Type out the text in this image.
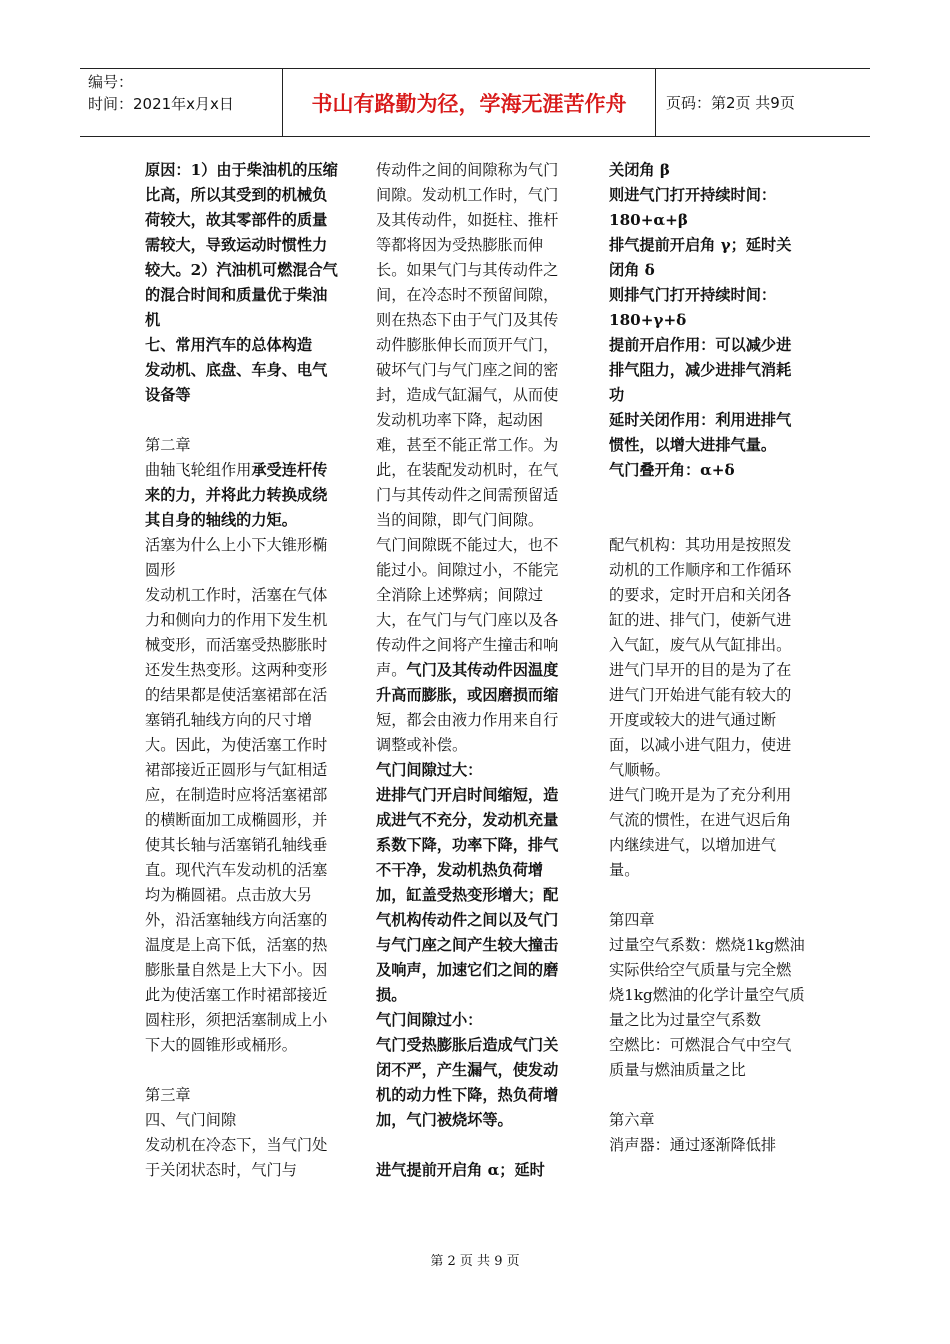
编号：
时间：2021年x月x日	书山有路勤为径，学海无涯苦作舟	页码：第2页 共9页

原因：1）由于柴油机的压缩比高，所以其受到的机械负荷较大，故其零部件的质量需较大，导致运动时惯性力较大。2）汽油机可燃混合气的混合时间和质量优于柴油机

七、常用汽车的总体构造

发动机、底盘、车身、电气设备等

第二章

曲轴飞轮组作用承受连杆传来的力，并将此力转换成绕其自身的轴线的力矩。

活塞为什么上小下大锥形椭圆形

发动机工作时，活塞在气体力和侧向力的作用下发生机械变形，而活塞受热膨胀时还发生热变形。这两种变形的结果都是使活塞裙部在活塞销孔轴线方向的尺寸增大。因此，为使活塞工作时裙部接近正圆形与气缸相适应，在制造时应将活塞裙部的横断面加工成椭圆形，并使其长轴与活塞销孔轴线垂直。现代汽车发动机的活塞均为椭圆裙。点击放大另外，沿活塞轴线方向活塞的温度是上高下低，活塞的热膨胀量自然是上大下小。因此为使活塞工作时裙部接近圆柱形，须把活塞制成上小下大的圆锥形或桶形。

第三章

四、气门间隙

发动机在冷态下，当气门处于关闭状态时，气门与

传动件之间的间隙称为气门间隙。发动机工作时，气门及其传动件，如挺柱、推杆等都将因为受热膨胀而伸长。如果气门与其传动件之间，在冷态时不预留间隙，则在热态下由于气门及其传动件膨胀伸长而顶开气门，破坏气门与气门座之间的密封，造成气缸漏气，从而使发动机功率下降，起动困难，甚至不能正常工作。为此，在装配发动机时，在气门与其传动件之间需预留适当的间隙，即气门间隙。

气门间隙既不能过大，也不能过小。间隙过小，不能完全消除上述弊病；间隙过大，在气门与气门座以及各传动件之间将产生撞击和响声。气门及其传动件因温度升高而膨胀，或因磨损而缩短，都会由液力作用来自行调整或补偿。

气门间隙过大：

进排气门开启时间缩短，造成进气不充分，发动机充量系数下降，功率下降，排气不干净，发动机热负荷增加，缸盖受热变形增大；配气机构传动件之间以及气门与气门座之间产生较大撞击及响声，加速它们之间的磨损。

气门间隙过小：

气门受热膨胀后造成气门关闭不严，产生漏气，使发动机的动力性下降，热负荷增加，气门被烧坏等。

进气提前开启角 α；延时

关闭角 β

则进气门打开持续时间：

180+α+β

排气提前开启角 γ；延时关闭角 δ

则排气门打开持续时间：

180+γ+δ

提前开启作用：可以减少进排气阻力，减少进排气消耗

功

延时关闭作用：利用进排气惯性，以增大进排气量。

气门叠开角：α+δ

配气机构：其功用是按照发动机的工作顺序和工作循环的要求，定时开启和关闭各缸的进、排气门，使新气进入气缸，废气从气缸排出。

进气门早开的目的是为了在进气门开始进气能有较大的开度或较大的进气通过断面，以减小进气阻力，使进气顺畅。

进气门晚开是为了充分利用气流的惯性，在进气迟后角内继续进气，以增加进气量。

第四章

过量空气系数：燃烧1kg燃油实际供给空气质量与完全燃烧1kg燃油的化学计量空气质量之比为过量空气系数

空燃比：可燃混合气中空气质量与燃油质量之比

第六章

消声器：通过逐渐降低排

第 2 页 共 9 页
